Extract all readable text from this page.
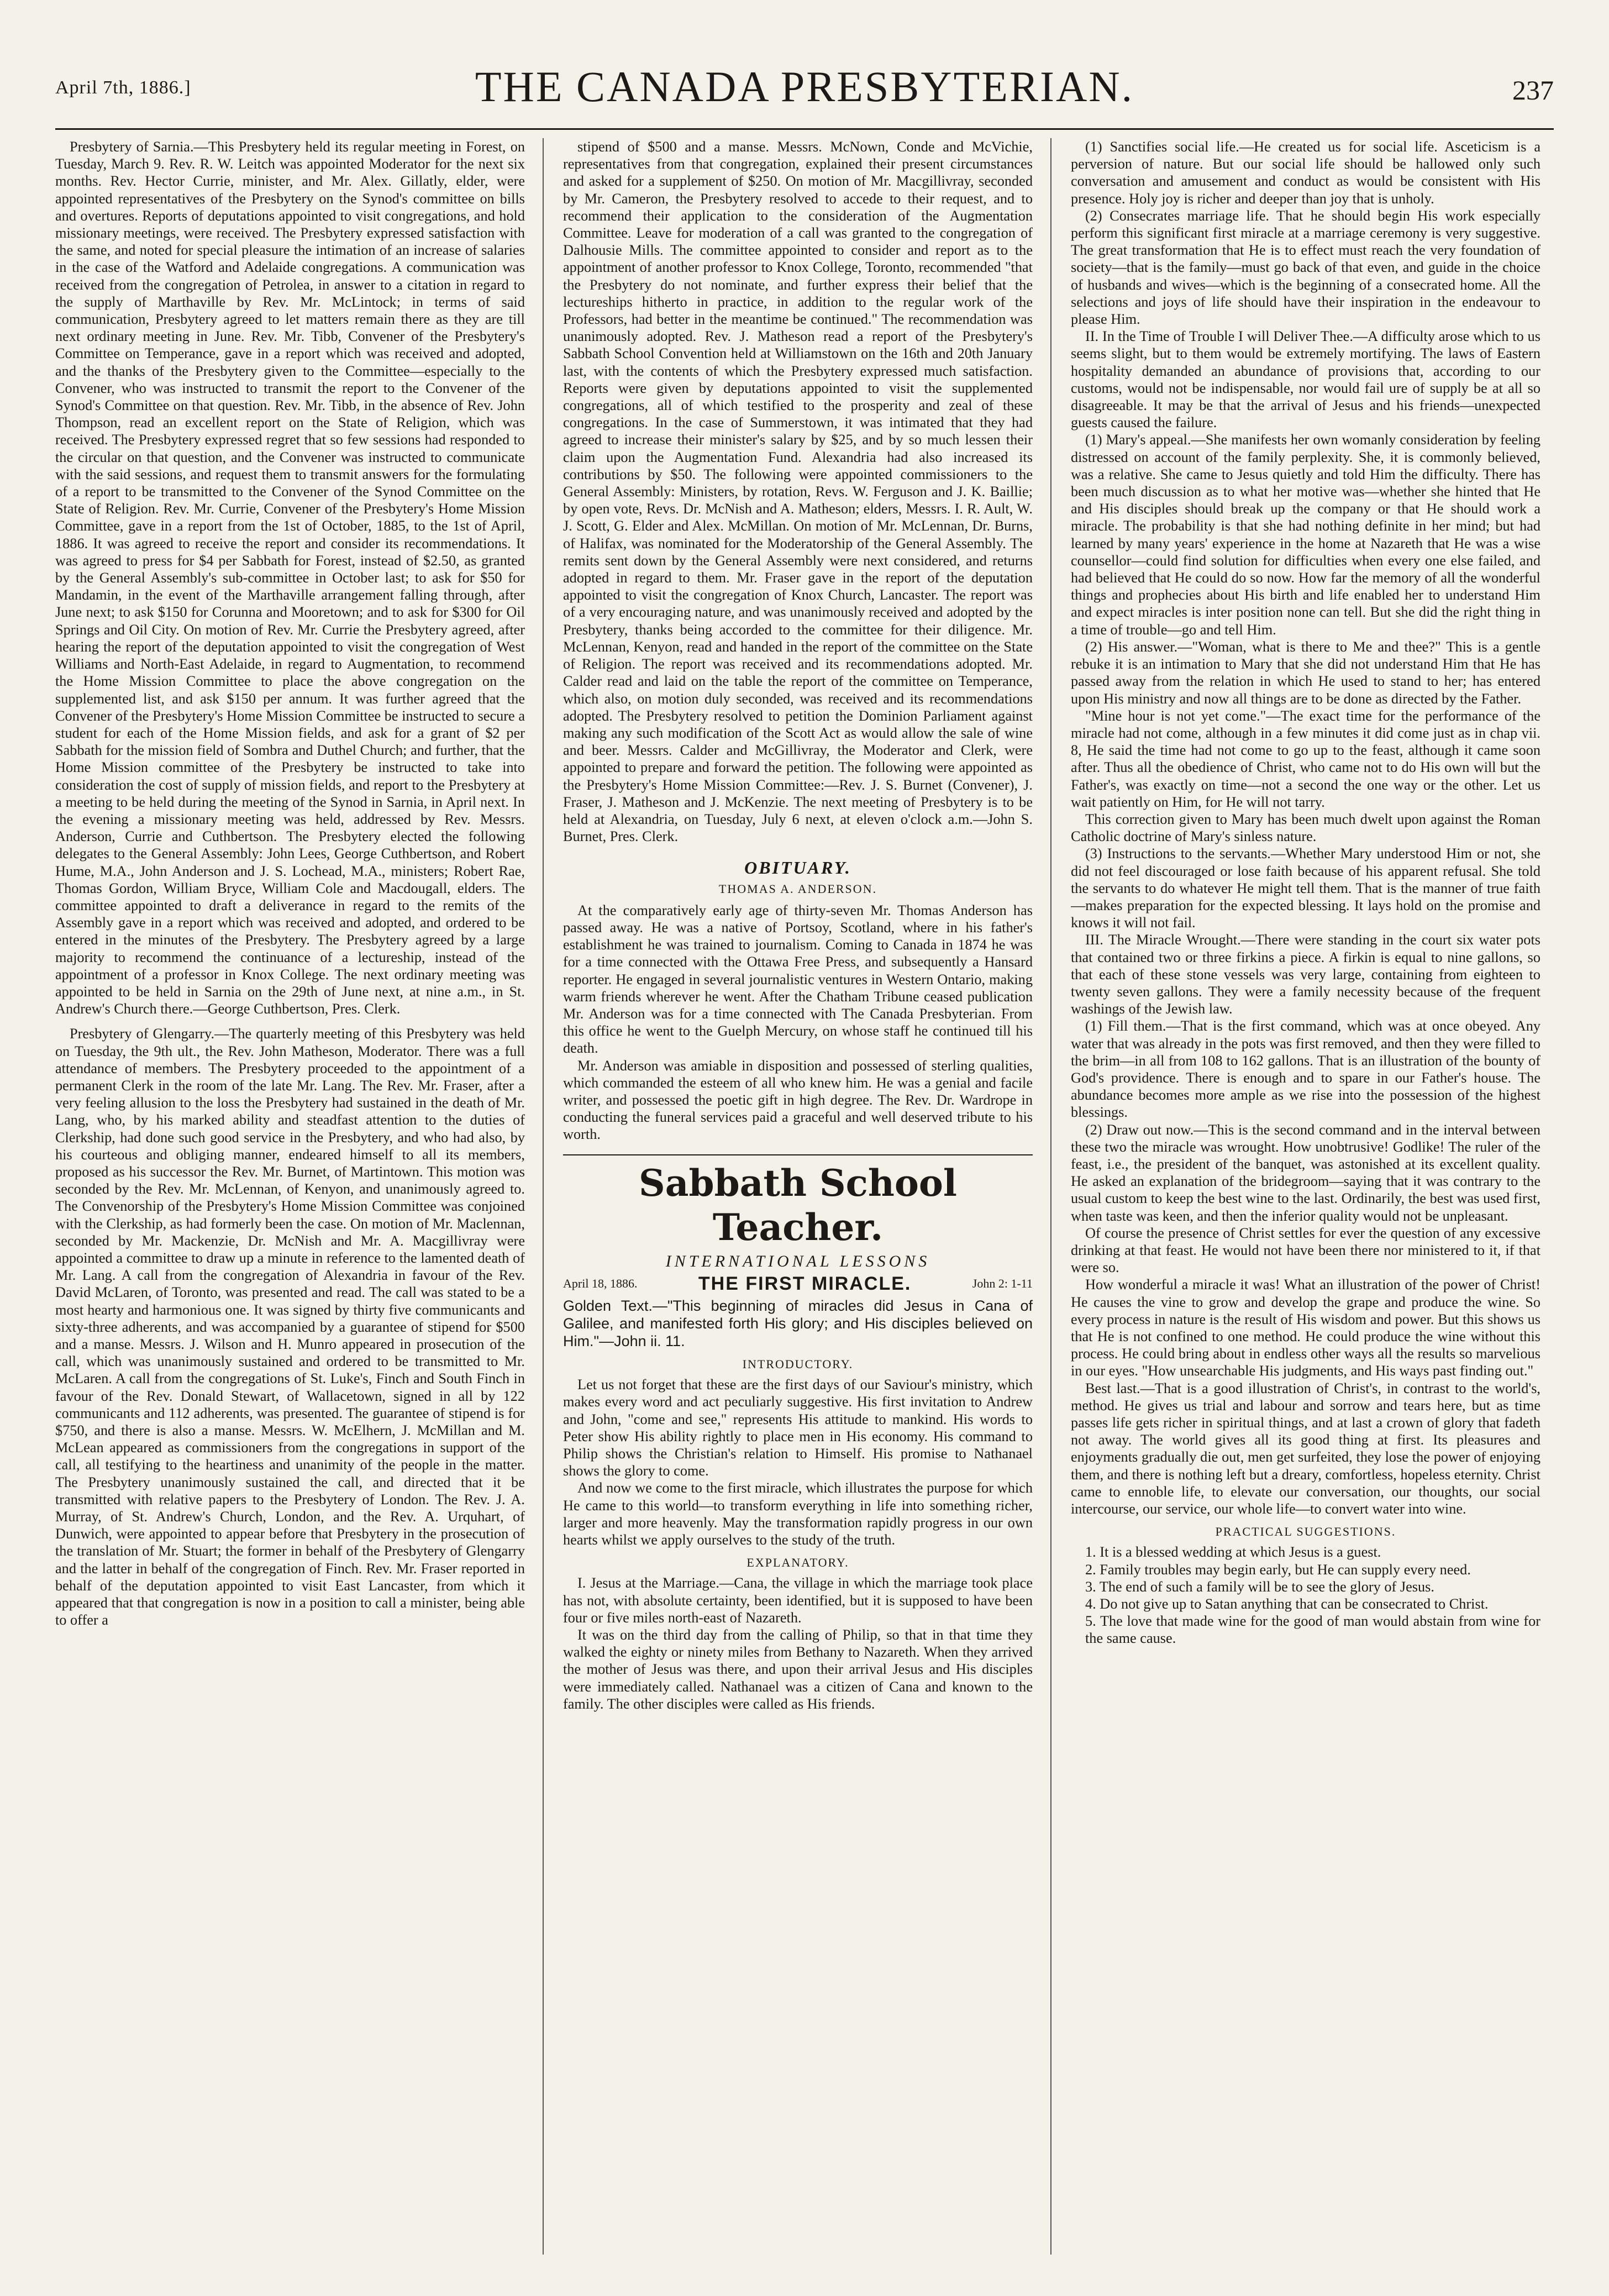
April 7th, 1886.]	THE CANADA PRESBYTERIAN.	237

Presbytery of Sarnia.—This Presbytery held its regular meeting in Forest, on Tuesday, March 9. Rev. R. W. Leitch was appointed Moderator for the next six months. Rev. Hector Currie, minister, and Mr. Alex. Gillatly, elder, were appointed representatives of the Presbytery on the Synod's committee on bills and overtures. Reports of deputations appointed to visit congregations, and hold missionary meetings, were received. The Presbytery expressed satisfaction with the same, and noted for special pleasure the intimation of an increase of salaries in the case of the Watford and Adelaide congregations. A communication was received from the congregation of Petrolea, in answer to a citation in regard to the supply of Marthaville by Rev. Mr. McLintock; in terms of said communication, Presbytery agreed to let matters remain there as they are till next ordinary meeting in June. Rev. Mr. Tibb, Convener of the Presbytery's Committee on Temperance, gave in a report which was received and adopted, and the thanks of the Presbytery given to the Committee—especially to the Convener, who was instructed to transmit the report to the Convener of the Synod's Committee on that question. Rev. Mr. Tibb, in the absence of Rev. John Thompson, read an excellent report on the State of Religion, which was received. The Presbytery expressed regret that so few sessions had responded to the circular on that question, and the Convener was instructed to communicate with the said sessions, and request them to transmit answers for the formulating of a report to be transmitted to the Convener of the Synod Committee on the State of Religion. Rev. Mr. Currie, Convener of the Presbytery's Home Mission Committee, gave in a report from the 1st of October, 1885, to the 1st of April, 1886. It was agreed to receive the report and consider its recommendations. It was agreed to press for $4 per Sabbath for Forest, instead of $2.50, as granted by the General Assembly's sub-committee in October last; to ask for $50 for Mandamin, in the event of the Marthaville arrangement falling through, after June next; to ask $150 for Corunna and Mooretown; and to ask for $300 for Oil Springs and Oil City. On motion of Rev. Mr. Currie the Presbytery agreed, after hearing the report of the deputation appointed to visit the congregation of West Williams and North-East Adelaide, in regard to Augmentation, to recommend the Home Mission Committee to place the above congregation on the supplemented list, and ask $150 per annum. It was further agreed that the Convener of the Presbytery's Home Mission Committee be instructed to secure a student for each of the Home Mission fields, and ask for a grant of $2 per Sabbath for the mission field of Sombra and Duthel Church; and further, that the Home Mission committee of the Presbytery be instructed to take into consideration the cost of supply of mission fields, and report to the Presbytery at a meeting to be held during the meeting of the Synod in Sarnia, in April next. In the evening a missionary meeting was held, addressed by Rev. Messrs. Anderson, Currie and Cuthbertson. The Presbytery elected the following delegates to the General Assembly: John Lees, George Cuthbertson, and Robert Hume, M.A., John Anderson and J. S. Lochead, M.A., ministers; Robert Rae, Thomas Gordon, William Bryce, William Cole and Macdougall, elders. The committee appointed to draft a deliverance in regard to the remits of the Assembly gave in a report which was received and adopted, and ordered to be entered in the minutes of the Presbytery. The Presbytery agreed by a large majority to recommend the continuance of a lectureship, instead of the appointment of a professor in Knox College. The next ordinary meeting was appointed to be held in Sarnia on the 29th of June next, at nine a.m., in St. Andrew's Church there.—George Cuthbertson, Pres. Clerk.

Presbytery of Glengarry.—The quarterly meeting of this Presbytery was held on Tuesday, the 9th ult., the Rev. John Matheson, Moderator. There was a full attendance of members. The Presbytery proceeded to the appointment of a permanent Clerk in the room of the late Mr. Lang. The Rev. Mr. Fraser, after a very feeling allusion to the loss the Presbytery had sustained in the death of Mr. Lang, who, by his marked ability and steadfast attention to the duties of Clerkship, had done such good service in the Presbytery, and who had also, by his courteous and obliging manner, endeared himself to all its members, proposed as his successor the Rev. Mr. Burnet, of Martintown. This motion was seconded by the Rev. Mr. McLennan, of Kenyon, and unanimously agreed to. The Convenorship of the Presbytery's Home Mission Committee was conjoined with the Clerkship, as had formerly been the case. On motion of Mr. Maclennan, seconded by Mr. Mackenzie, Dr. McNish and Mr. A. Macgillivray were appointed a committee to draw up a minute in reference to the lamented death of Mr. Lang. A call from the congregation of Alexandria in favour of the Rev. David McLaren, of Toronto, was presented and read. The call was stated to be a most hearty and harmonious one. It was signed by thirty five communicants and sixty-three adherents, and was accompanied by a guarantee of stipend for $500 and a manse. Messrs. J. Wilson and H. Munro appeared in prosecution of the call, which was unanimously sustained and ordered to be transmitted to Mr. McLaren. A call from the congregations of St. Luke's, Finch and South Finch in favour of the Rev. Donald Stewart, of Wallacetown, signed in all by 122 communicants and 112 adherents, was presented. The guarantee of stipend is for $750, and there is also a manse. Messrs. W. McElhern, J. McMillan and M. McLean appeared as commissioners from the congregations in support of the call, all testifying to the heartiness and unanimity of the people in the matter. The Presbytery unanimously sustained the call, and directed that it be transmitted with relative papers to the Presbytery of London. The Rev. J. A. Murray, of St. Andrew's Church, London, and the Rev. A. Urquhart, of Dunwich, were appointed to appear before that Presbytery in the prosecution of the translation of Mr. Stuart; the former in behalf of the Presbytery of Glengarry and the latter in behalf of the congregation of Finch. Rev. Mr. Fraser reported in behalf of the deputation appointed to visit East Lancaster, from which it appeared that that congregation is now in a position to call a minister, being able to offer a

stipend of $500 and a manse. Messrs. McNown, Conde and McVichie, representatives from that congregation, explained their present circumstances and asked for a supplement of $250. On motion of Mr. Macgillivray, seconded by Mr. Cameron, the Presbytery resolved to accede to their request, and to recommend their application to the consideration of the Augmentation Committee. Leave for moderation of a call was granted to the congregation of Dalhousie Mills. The committee appointed to consider and report as to the appointment of another professor to Knox College, Toronto, recommended "that the Presbytery do not nominate, and further express their belief that the lectureships hitherto in practice, in addition to the regular work of the Professors, had better in the meantime be continued." The recommendation was unanimously adopted. Rev. J. Matheson read a report of the Presbytery's Sabbath School Convention held at Williamstown on the 16th and 20th January last, with the contents of which the Presbytery expressed much satisfaction. Reports were given by deputations appointed to visit the supplemented congregations, all of which testified to the prosperity and zeal of these congregations. In the case of Summerstown, it was intimated that they had agreed to increase their minister's salary by $25, and by so much lessen their claim upon the Augmentation Fund. Alexandria had also increased its contributions by $50. The following were appointed commissioners to the General Assembly: Ministers, by rotation, Revs. W. Ferguson and J. K. Baillie; by open vote, Revs. Dr. McNish and A. Matheson; elders, Messrs. I. R. Ault, W. J. Scott, G. Elder and Alex. McMillan. On motion of Mr. McLennan, Dr. Burns, of Halifax, was nominated for the Moderatorship of the General Assembly. The remits sent down by the General Assembly were next considered, and returns adopted in regard to them. Mr. Fraser gave in the report of the deputation appointed to visit the congregation of Knox Church, Lancaster. The report was of a very encouraging nature, and was unanimously received and adopted by the Presbytery, thanks being accorded to the committee for their diligence. Mr. McLennan, Kenyon, read and handed in the report of the committee on the State of Religion. The report was received and its recommendations adopted. Mr. Calder read and laid on the table the report of the committee on Temperance, which also, on motion duly seconded, was received and its recommendations adopted. The Presbytery resolved to petition the Dominion Parliament against making any such modification of the Scott Act as would allow the sale of wine and beer. Messrs. Calder and McGillivray, the Moderator and Clerk, were appointed to prepare and forward the petition. The following were appointed as the Presbytery's Home Mission Committee:—Rev. J. S. Burnet (Convener), J. Fraser, J. Matheson and J. McKenzie. The next meeting of Presbytery is to be held at Alexandria, on Tuesday, July 6 next, at eleven o'clock a.m.—John S. Burnet, Pres. Clerk.

OBITUARY.
THOMAS A. ANDERSON.

At the comparatively early age of thirty-seven Mr. Thomas Anderson has passed away. He was a native of Portsoy, Scotland, where in his father's establishment he was trained to journalism. Coming to Canada in 1874 he was for a time connected with the Ottawa Free Press, and subsequently a Hansard reporter. He engaged in several journalistic ventures in Western Ontario, making warm friends wherever he went. After the Chatham Tribune ceased publication Mr. Anderson was for a time connected with The Canada Presbyterian. From this office he went to the Guelph Mercury, on whose staff he continued till his death.

Mr. Anderson was amiable in disposition and possessed of sterling qualities, which commanded the esteem of all who knew him. He was a genial and facile writer, and possessed the poetic gift in high degree. The Rev. Dr. Wardrope in conducting the funeral services paid a graceful and well deserved tribute to his worth.

Sabbath School Teacher.
INTERNATIONAL LESSONS
April 18, 1886.	THE FIRST MIRACLE.	John 2: 1-11
Golden Text.—"This beginning of miracles did Jesus in Cana of Galilee, and manifested forth His glory; and His disciples believed on Him."—John ii. 11.
INTRODUCTORY.

Let us not forget that these are the first days of our Saviour's ministry, which makes every word and act peculiarly suggestive. His first invitation to Andrew and John, "come and see," represents His attitude to mankind. His words to Peter show His ability rightly to place men in His economy. His command to Philip shows the Christian's relation to Himself. His promise to Nathanael shows the glory to come.

And now we come to the first miracle, which illustrates the purpose for which He came to this world—to transform everything in life into something richer, larger and more heavenly. May the transformation rapidly progress in our own hearts whilst we apply ourselves to the study of the truth.

EXPLANATORY.

I. Jesus at the Marriage.—Cana, the village in which the marriage took place has not, with absolute certainty, been identified, but it is supposed to have been four or five miles north-east of Nazareth.

It was on the third day from the calling of Philip, so that in that time they walked the eighty or ninety miles from Bethany to Nazareth. When they arrived the mother of Jesus was there, and upon their arrival Jesus and His disciples were immediately called. Nathanael was a citizen of Cana and known to the family. The other disciples were called as His friends.

(1) Sanctifies social life.—He created us for social life. Asceticism is a perversion of nature. But our social life should be hallowed only such conversation and amusement and conduct as would be consistent with His presence. Holy joy is richer and deeper than joy that is unholy.

(2) Consecrates marriage life. That he should begin His work especially perform this significant first miracle at a marriage ceremony is very suggestive. The great transformation that He is to effect must reach the very foundation of society—that is the family—must go back of that even, and guide in the choice of husbands and wives—which is the beginning of a consecrated home. All the selections and joys of life should have their inspiration in the endeavour to please Him.

II. In the Time of Trouble I will Deliver Thee.—A difficulty arose which to us seems slight, but to them would be extremely mortifying. The laws of Eastern hospitality demanded an abundance of provisions that, according to our customs, would not be indispensable, nor would fail ure of supply be at all so disagreeable. It may be that the arrival of Jesus and his friends—unexpected guests caused the failure.

(1) Mary's appeal.—She manifests her own womanly consideration by feeling distressed on account of the family perplexity. She, it is commonly believed, was a relative. She came to Jesus quietly and told Him the difficulty. There has been much discussion as to what her motive was—whether she hinted that He and His disciples should break up the company or that He should work a miracle. The probability is that she had nothing definite in her mind; but had learned by many years' experience in the home at Nazareth that He was a wise counsellor—could find solution for difficulties when every one else failed, and had believed that He could do so now. How far the memory of all the wonderful things and prophecies about His birth and life enabled her to understand Him and expect miracles is inter position none can tell. But she did the right thing in a time of trouble—go and tell Him.

(2) His answer.—"Woman, what is there to Me and thee?" This is a gentle rebuke it is an intimation to Mary that she did not understand Him that He has passed away from the relation in which He used to stand to her; has entered upon His ministry and now all things are to be done as directed by the Father.

"Mine hour is not yet come."—The exact time for the performance of the miracle had not come, although in a few minutes it did come just as in chap vii. 8, He said the time had not come to go up to the feast, although it came soon after. Thus all the obedience of Christ, who came not to do His own will but the Father's, was exactly on time—not a second the one way or the other. Let us wait patiently on Him, for He will not tarry.

This correction given to Mary has been much dwelt upon against the Roman Catholic doctrine of Mary's sinless nature.

(3) Instructions to the servants.—Whether Mary understood Him or not, she did not feel discouraged or lose faith because of his apparent refusal. She told the servants to do whatever He might tell them. That is the manner of true faith—makes preparation for the expected blessing. It lays hold on the promise and knows it will not fail.

III. The Miracle Wrought.—There were standing in the court six water pots that contained two or three firkins a piece. A firkin is equal to nine gallons, so that each of these stone vessels was very large, containing from eighteen to twenty seven gallons. They were a family necessity because of the frequent washings of the Jewish law.

(1) Fill them.—That is the first command, which was at once obeyed. Any water that was already in the pots was first removed, and then they were filled to the brim—in all from 108 to 162 gallons. That is an illustration of the bounty of God's providence. There is enough and to spare in our Father's house. The abundance becomes more ample as we rise into the possession of the highest blessings.

(2) Draw out now.—This is the second command and in the interval between these two the miracle was wrought. How unobtrusive! Godlike! The ruler of the feast, i.e., the president of the banquet, was astonished at its excellent quality. He asked an explanation of the bridegroom—saying that it was contrary to the usual custom to keep the best wine to the last. Ordinarily, the best was used first, when taste was keen, and then the inferior quality would not be unpleasant.

Of course the presence of Christ settles for ever the question of any excessive drinking at that feast. He would not have been there nor ministered to it, if that were so.

How wonderful a miracle it was! What an illustration of the power of Christ! He causes the vine to grow and develop the grape and produce the wine. So every process in nature is the result of His wisdom and power. But this shows us that He is not confined to one method. He could produce the wine without this process. He could bring about in endless other ways all the results so marvelious in our eyes. "How unsearchable His judgments, and His ways past finding out."

Best last.—That is a good illustration of Christ's, in contrast to the world's, method. He gives us trial and labour and sorrow and tears here, but as time passes life gets richer in spiritual things, and at last a crown of glory that fadeth not away. The world gives all its good thing at first. Its pleasures and enjoyments gradually die out, men get surfeited, they lose the power of enjoying them, and there is nothing left but a dreary, comfortless, hopeless eternity. Christ came to ennoble life, to elevate our conversation, our thoughts, our social intercourse, our service, our whole life—to convert water into wine.

PRACTICAL SUGGESTIONS.

1. It is a blessed wedding at which Jesus is a guest.

2. Family troubles may begin early, but He can supply every need.

3. The end of such a family will be to see the glory of Jesus.

4. Do not give up to Satan anything that can be consecrated to Christ.

5. The love that made wine for the good of man would abstain from wine for the same cause.
